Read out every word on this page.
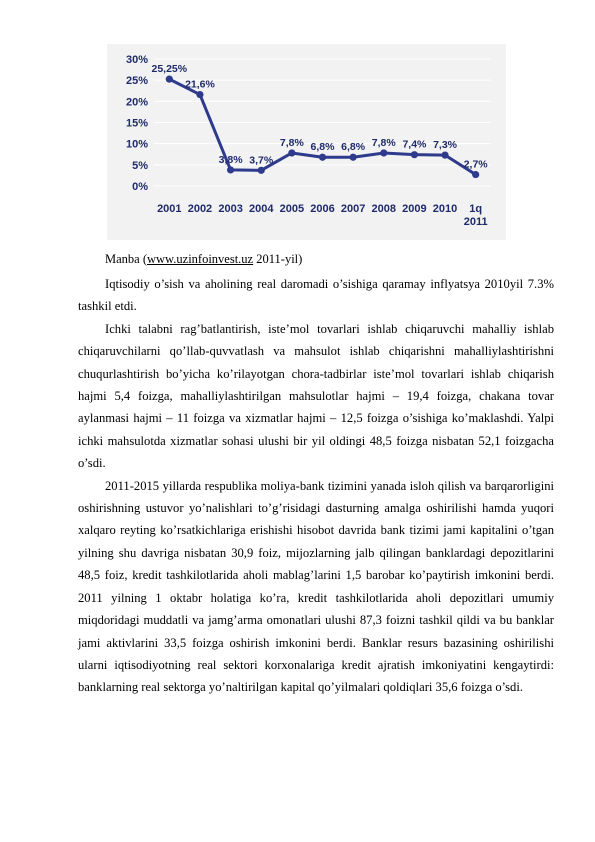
0%
5%
10%
15%
20%
25%
30%
2001 2002 2003 2004 2005 2006 2007 2008 2009 2010 1q
2011
25,25%
21,6%
3,8% 3,7%
7,8% 6,8% 6,8% 7,8% 7,4% 7,3%
2,7%
Manba (www.uzinfoinvest.uz 2011-yil)

Iqtisodiy o’sish va aholining real daromadi o’sishiga qaramay inflyatsya 2010yil 7.3% tashkil etdi.

Ichki talabni rag’batlantirish, iste’mol tovarlari ishlab chiqaruvchi mahalliy ishlab chiqaruvchilarni qo’llab-quvvatlash va mahsulot ishlab chiqarishni mahalliylashtirishni chuqurlashtirish bo’yicha ko’rilayotgan chora-tadbirlar iste’mol tovarlari ishlab chiqarish hajmi 5,4 foizga, mahalliylashtirilgan mahsulotlar hajmi – 19,4 foizga, chakana tovar aylanmasi hajmi – 11 foizga va xizmatlar hajmi – 12,5 foizga o’sishiga ko’maklashdi. Yalpi ichki mahsulotda xizmatlar sohasi ulushi bir yil oldingi 48,5 foizga nisbatan 52,1 foizgacha o’sdi.

2011-2015 yillarda respublika moliya-bank tizimini yanada isloh qilish va barqarorligini oshirishning ustuvor yo’nalishlari to’g’risidagi dasturning amalga oshirilishi hamda yuqori xalqaro reyting ko’rsatkichlariga erishishi hisobot davrida bank tizimi jami kapitalini o’tgan yilning shu davriga nisbatan 30,9 foiz, mijozlarning jalb qilingan banklardagi depozitlarini 48,5 foiz, kredit tashkilotlarida aholi mablag’larini 1,5 barobar ko’paytirish imkonini berdi. 2011 yilning 1 oktabr holatiga ko’ra, kredit tashkilotlarida aholi depozitlari umumiy miqdoridagi muddatli va jamg’arma omonatlari ulushi 87,3 foizni tashkil qildi va bu banklar jami aktivlarini 33,5 foizga oshirish imkonini berdi. Banklar resurs bazasining oshirilishi ularni iqtisodiyotning real sektori korxonalariga kredit ajratish imkoniyatini kengaytirdi: banklarning real sektorga yo’naltirilgan kapital qo’yilmalari qoldiqlari 35,6 foizga o’sdi.
